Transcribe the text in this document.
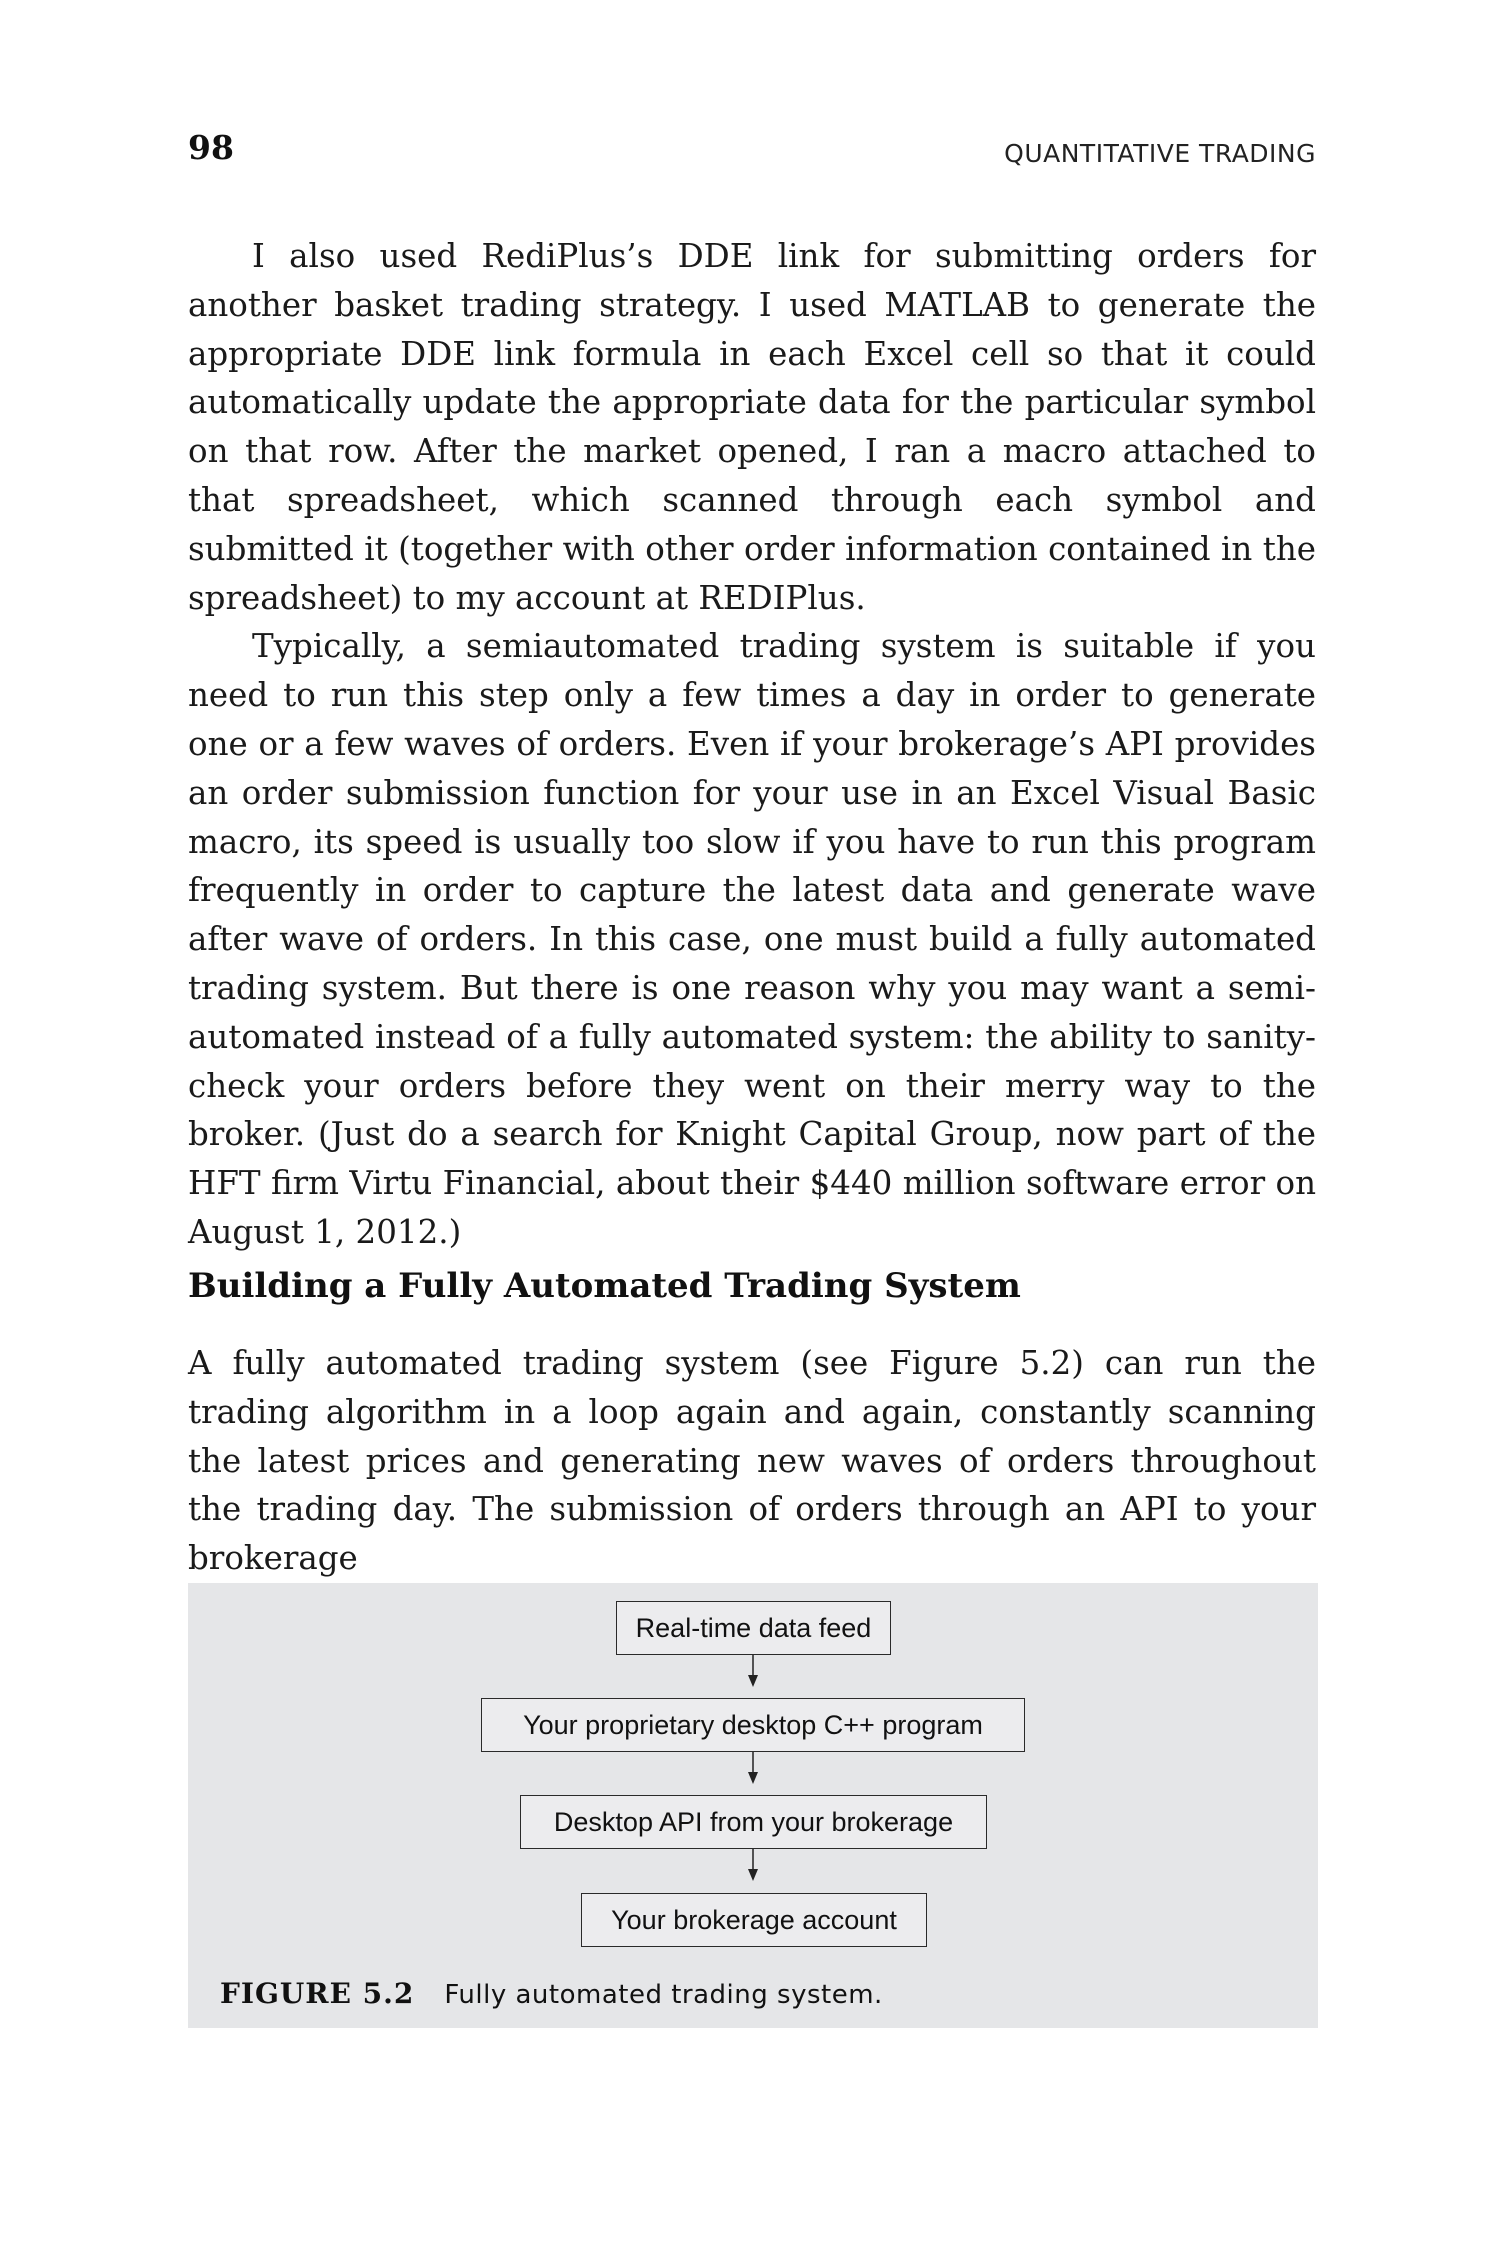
98	QUANTITATIVE TRADING

I also used RediPlus’s DDE link for submitting orders for another basket trading strategy. I used MATLAB to generate the appropriate DDE link formula in each Excel cell so that it could automatically update the appropriate data for the particular symbol on that row. After the market opened, I ran a macro attached to that spreadsheet, which scanned through each symbol and submitted it (together with other order information contained in the spreadsheet) to my account at REDIPlus.

Typically, a semiautomated trading system is suitable if you need to run this step only a few times a day in order to generate one or a few waves of orders. Even if your brokerage’s API provides an order submission function for your use in an Excel Visual Basic macro, its speed is usually too slow if you have to run this program frequently in order to capture the latest data and generate wave after wave of orders. In this case, one must build a fully automated trading system. But there is one reason why you may want a semi-automated instead of a fully automated system: the ability to sanity-check your orders before they went on their merry way to the broker. (Just do a search for Knight Capital Group, now part of the HFT firm Virtu Financial, about their $440 million software error on August 1, 2012.)

Building a Fully Automated Trading System

A fully automated trading system (see Figure 5.2) can run the trading algorithm in a loop again and again, constantly scanning the latest prices and generating new waves of orders throughout the trading day. The submission of orders through an API to your brokerage

Real-time data feed
Your proprietary desktop C++ program
Desktop API from your brokerage
Your brokerage account
FIGURE 5.2 Fully automated trading system.
